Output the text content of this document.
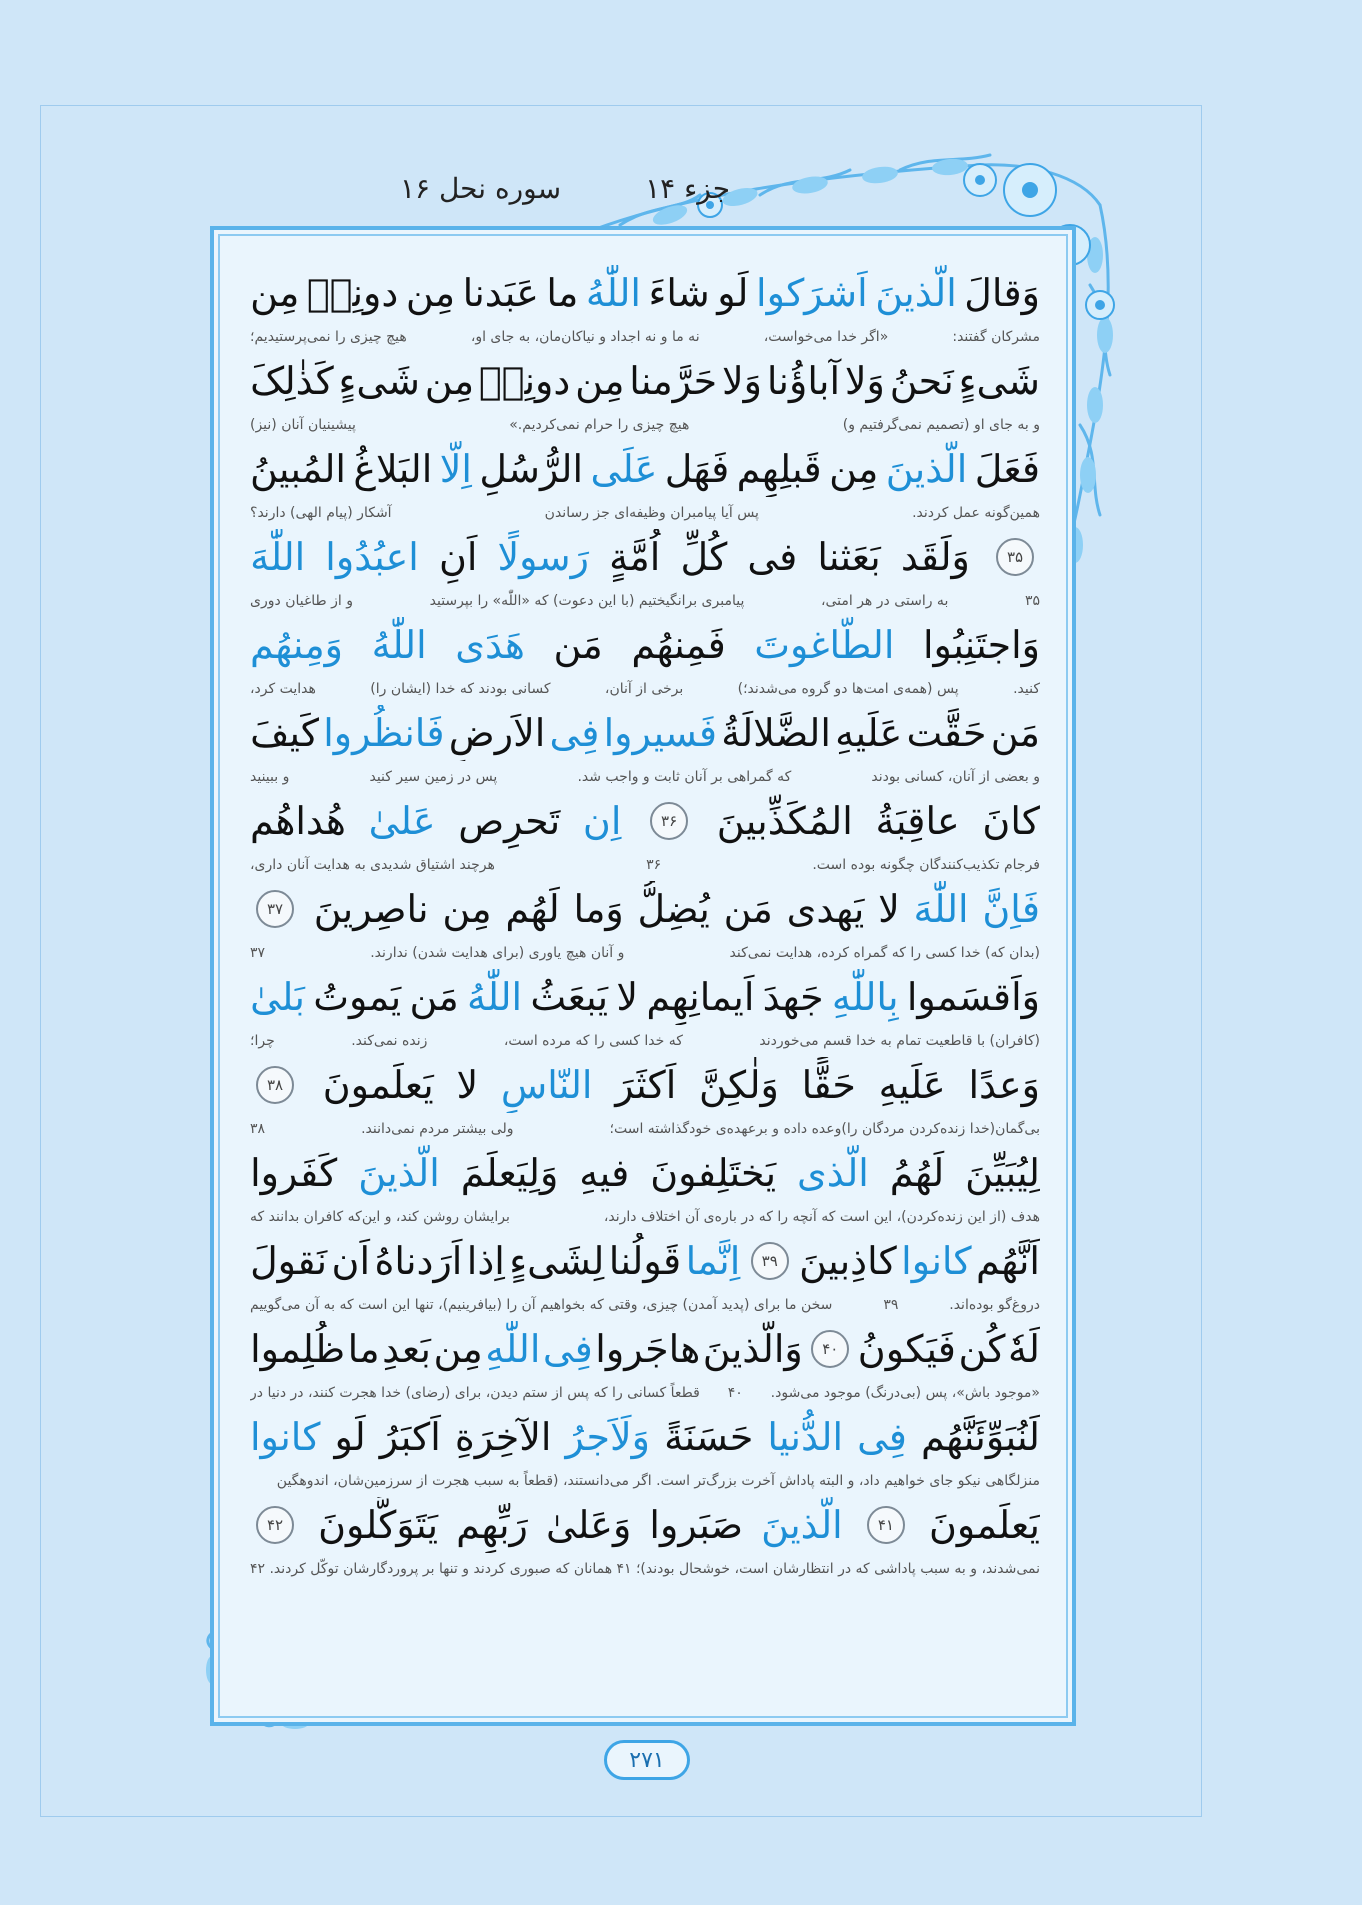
جزء ۱۴
سوره نحل ۱۶
وَقالَ
الَّذینَ
اَشرَکوا
لَو
شاءَ
اللّٰهُ
ما
عَبَدنا
مِن
دونِهٖ
مِن
مشرکان گفتند:
«اگر خدا می‌خواست،
نه ما و نه اجداد و نیاکان‌مان، به جای او،
هیچ چیزی را نمی‌پرستیدیم؛
شَیءٍ
نَحنُ
وَلا
آباؤُنا
وَلا
حَرَّمنا
مِن
دونِهٖ
مِن
شَیءٍ
کَذٰلِکَ
و به جای او (تصمیم نمی‌گرفتیم و)
هیچ چیزی را حرام نمی‌کردیم.»
پیشینیان آنان (نیز)
فَعَلَ
الَّذینَ
مِن
قَبلِهِم
فَهَل
عَلَی
الرُّسُلِ
اِلَّا
البَلاغُ
المُبینُ
همین‌گونه عمل کردند.
پس آیا پیامبران وظیفه‌ای جز رساندن
آشکار (پیام الهی) دارند؟
۳۵
وَلَقَد
بَعَثنا
فی
کُلِّ
اُمَّةٍ
رَسولًا
اَنِ
اعبُدُوا
اللّٰهَ
۳۵
به راستی در هر امتی،
پیامبری برانگیختیم (با این دعوت) که «اللّٰه» را بپرستید
و از طاغیان دوری
وَاجتَنِبُوا
الطّاغوتَ
فَمِنهُم
مَن
هَدَی
اللّٰهُ
وَمِنهُم
کنید.
پس (همه‌ی امت‌ها دو گروه می‌شدند؛)
برخی از آنان،
کسانی بودند که خدا (ایشان را)
هدایت کرد،
مَن
حَقَّت
عَلَیهِ
الضَّلالَةُ
فَسیروا
فِی
الاَرضِ
فَانظُروا
کَیفَ
و بعضی از آنان، کسانی بودند
که گمراهی بر آنان ثابت و واجب شد.
پس در زمین سیر کنید
و ببینید
کانَ
عاقِبَةُ
المُکَذِّبینَ
۳۶
اِن
تَحرِص
عَلیٰ
هُداهُم
فرجام تکذیب‌کنندگان چگونه بوده است.
۳۶
هرچند اشتیاق شدیدی به هدایت آنان داری،
فَاِنَّ
اللّٰهَ
لا
یَهدی
مَن
یُضِلُّ
وَما
لَهُم
مِن
ناصِرینَ
۳۷
(بدان که) خدا کسی را که گمراه کرده، هدایت نمی‌کند
و آنان هیچ یاوری (برای هدایت شدن) ندارند.
۳۷
وَاَقسَموا
بِاللّٰهِ
جَهدَ
اَیمانِهِم
لا
یَبعَثُ
اللّٰهُ
مَن
یَموتُ
بَلیٰ
(کافران) با قاطعیت تمام به خدا قسم می‌خوردند
که خدا کسی را که مرده است،
زنده نمی‌کند.
چرا؛
وَعدًا
عَلَیهِ
حَقًّا
وَلٰکِنَّ
اَکثَرَ
النّاسِ
لا
یَعلَمونَ
۳۸
بی‌گمان(خدا زنده‌کردن مردگان را)وعده داده و برعهده‌ی خودگذاشته است؛
ولی بیشتر مردم نمی‌دانند.
۳۸
لِیُبَیِّنَ
لَهُمُ
الَّذی
یَختَلِفونَ
فیهِ
وَلِیَعلَمَ
الَّذینَ
کَفَروا
هدف (از این زنده‌کردن)، این است که آنچه را که در باره‌ی آن اختلاف دارند،
برایشان روشن کند، و این‌که کافران بدانند که
اَنَّهُم
کانوا
کاذِبینَ
۳۹
اِنَّما
قَولُنا
لِشَیءٍ
اِذا
اَرَدناهُ
اَن
نَقولَ
دروغ‌گو بوده‌اند.
۳۹
سخن ما برای (پدید آمدن) چیزی، وقتی که بخواهیم آن را (بیافرینیم)، تنها این است که به آن می‌گوییم
لَهٗ
کُن
فَیَکونُ
۴۰
وَالَّذینَ
هاجَروا
فِی
اللّٰهِ
مِن
بَعدِ
ما
ظُلِموا
«موجود باش»، پس (بی‌درنگ) موجود می‌شود.
۴۰
قطعاً کسانی را که پس از ستم دیدن، برای (رضای) خدا هجرت کنند، در دنیا در
لَنُبَوِّئَنَّهُم
فِی
الدُّنیا
حَسَنَةً
وَلَاَجرُ
الآخِرَةِ
اَکبَرُ
لَو
کانوا
منزلگاهی نیکو جای خواهیم داد، و البته پاداش آخرت بزرگ‌تر است. اگر می‌دانستند، (قطعاً به سبب هجرت از سرزمین‌شان، اندوهگین
یَعلَمونَ
۴۱
الَّذینَ
صَبَروا
وَعَلیٰ
رَبِّهِم
یَتَوَکَّلونَ
۴۲
نمی‌شدند، و به سبب پاداشی که در انتظارشان است، خوشحال بودند)؛
۴۱
همانان که صبوری کردند و تنها بر پروردگارشان توکّل کردند.
۴۲
۲۷۱
